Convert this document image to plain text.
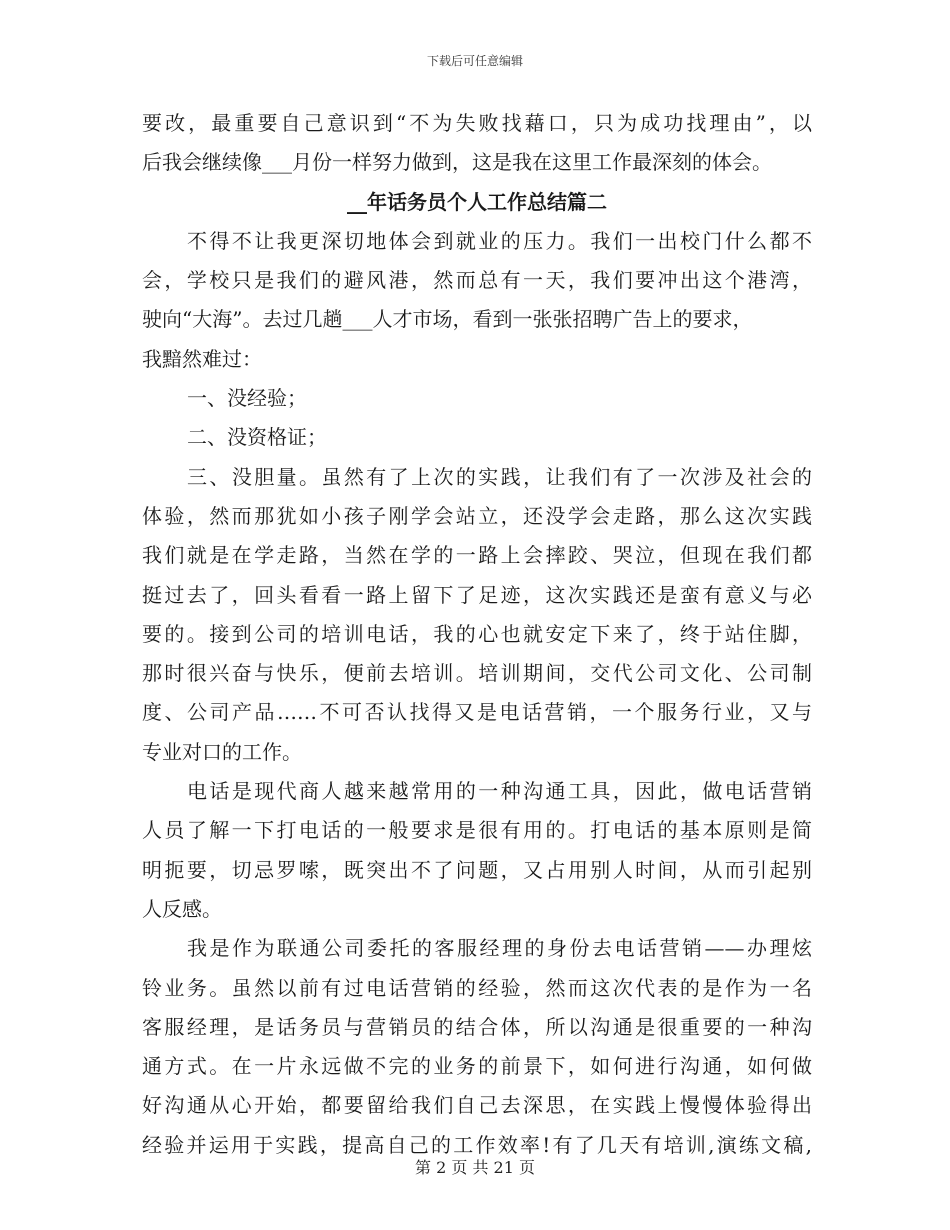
下载后可任意编辑
要改，最重要自己意识到“不为失败找藉口，只为成功找理由”，以
后我会继续像___月份一样努力做到，这是我在这里工作最深刻的体会。
__年话务员个人工作总结篇二
不得不让我更深切地体会到就业的压力。我们一出校门什么都不
会，学校只是我们的避风港，然而总有一天，我们要冲出这个港湾，
驶向“大海”。去过几趟___人才市场，看到一张张招聘广告上的要求，
我黯然难过：
一、没经验；
二、没资格证；
三、没胆量。虽然有了上次的实践，让我们有了一次涉及社会的
体验，然而那犹如小孩子刚学会站立，还没学会走路，那么这次实践
我们就是在学走路，当然在学的一路上会摔跤、哭泣，但现在我们都
挺过去了，回头看看一路上留下了足迹，这次实践还是蛮有意义与必
要的。接到公司的培训电话，我的心也就安定下来了，终于站住脚，
那时很兴奋与快乐，便前去培训。培训期间，交代公司文化、公司制
度、公司产品……不可否认找得又是电话营销，一个服务行业，又与
专业对口的工作。
电话是现代商人越来越常用的一种沟通工具，因此，做电话营销
人员了解一下打电话的一般要求是很有用的。打电话的基本原则是简
明扼要，切忌罗嗦，既突出不了问题，又占用别人时间，从而引起别
人反感。
我是作为联通公司委托的客服经理的身份去电话营销——办理炫
铃业务。虽然以前有过电话营销的经验，然而这次代表的是作为一名
客服经理，是话务员与营销员的结合体，所以沟通是很重要的一种沟
通方式。在一片永远做不完的业务的前景下，如何进行沟通，如何做
好沟通从心开始，都要留给我们自己去深思，在实践上慢慢体验得出
经验并运用于实践，提高自己的工作效率!有了几天有培训,演练文稿,
第 2 页 共 21 页
